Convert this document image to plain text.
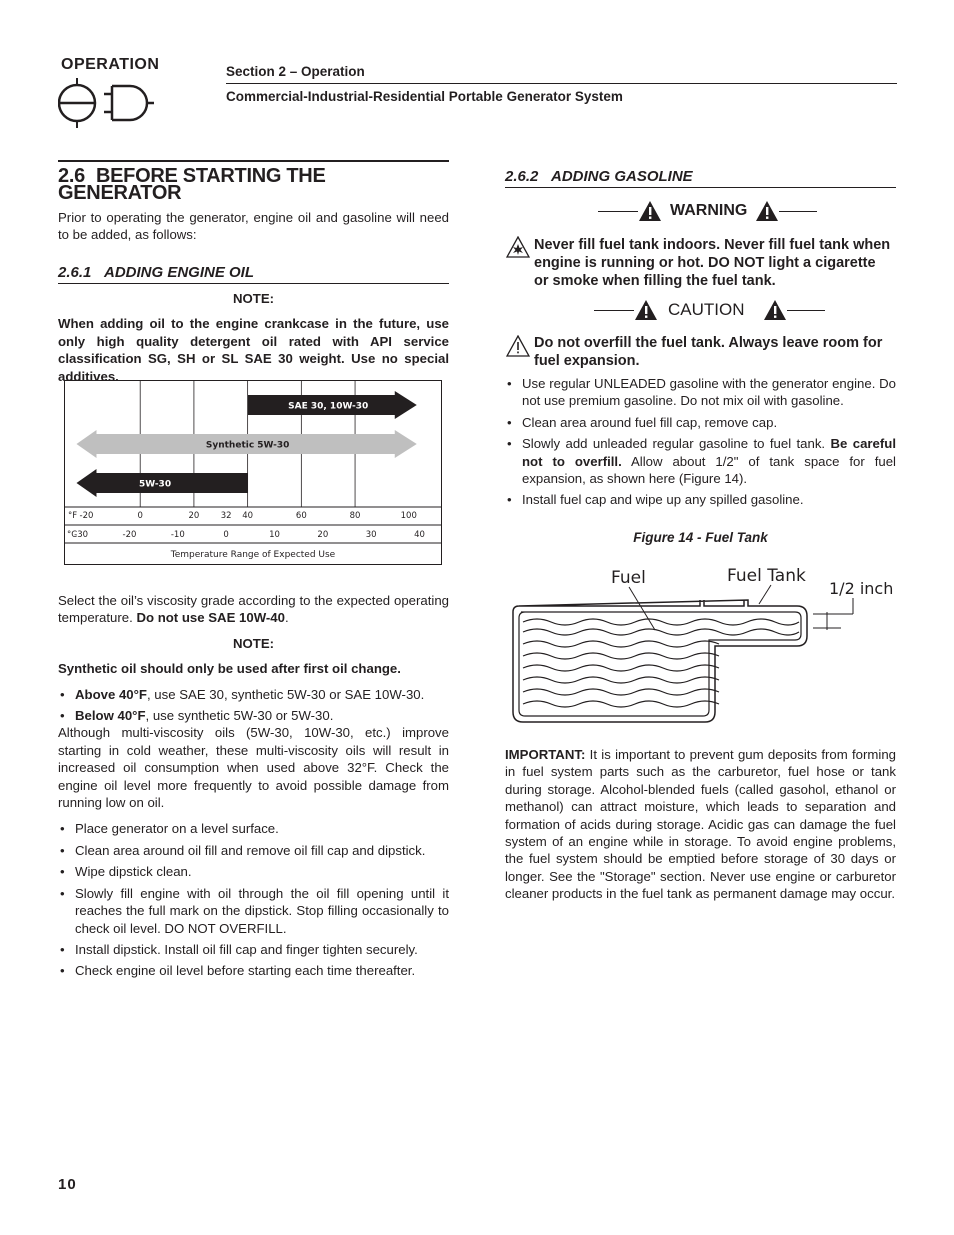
OPERATION	Section 2 – Operation
Commercial-Industrial-Residential Portable Generator System
2.6 BEFORE STARTING THE GENERATOR

Prior to operating the generator, engine oil and gasoline will need to be added, as follows:

2.6.1 ADDING ENGINE OIL

NOTE:

When adding oil to the engine crankcase in the future, use only high quality detergent oil rated with API service classification SG, SH or SL SAE 30 weight. Use no special additives.

SAE 30, 10W-30
Synthetic 5W-30
5W-30
°F -20	0	20	32 40	60	80	100
°C
-30	-20	-10	0	10	20	30	40
Temperature Range of Expected Use

Select the oil’s viscosity grade according to the expected operating temperature. Do not use SAE 10W-40.

NOTE:

Synthetic oil should only be used after first oil change.

• Above 40°F, use SAE 30, synthetic 5W-30 or SAE 10W-30.
• Below 40°F, use synthetic 5W-30 or 5W-30.

Although multi-viscosity oils (5W-30, 10W-30, etc.) improve starting in cold weather, these multi-viscosity oils will result in increased oil consumption when used above 32°F. Check the engine oil level more frequently to avoid possible damage from running low on oil.

• Place generator on a level surface.
• Clean area around oil fill and remove oil fill cap and dipstick.
• Wipe dipstick clean.
• Slowly fill engine with oil through the oil fill opening until it reaches the full mark on the dipstick. Stop filling occasionally to check oil level. DO NOT OVERFILL.
• Install dipstick. Install oil fill cap and finger tighten securely.
• Check engine oil level before starting each time thereafter.
2.6.2 ADDING GASOLINE
WARNING
Never fill fuel tank indoors. Never fill fuel tank when engine is running or hot. DO NOT light a cigarette or smoke when filling the fuel tank.
CAUTION
Do not overfill the fuel tank. Always leave room for fuel expansion.
• Use regular UNLEADED gasoline with the generator engine. Do not use premium gasoline. Do not mix oil with gasoline.
• Clean area around fuel fill cap, remove cap.
• Slowly add unleaded regular gasoline to fuel tank. Be careful not to overfill. Allow about 1/2" of tank space for fuel expansion, as shown here (Figure 14).
• Install fuel cap and wipe up any spilled gasoline.

Figure 14 - Fuel Tank

Fuel	Fuel Tank
1/2 inch

IMPORTANT: It is important to prevent gum deposits from forming in fuel system parts such as the carburetor, fuel hose or tank during storage. Alcohol-blended fuels (called gasohol, ethanol or methanol) can attract moisture, which leads to separation and formation of acids during storage. Acidic gas can damage the fuel system of an engine while in storage. To avoid engine problems, the fuel system should be emptied before storage of 30 days or longer. See the "Storage" section. Never use engine or carburetor cleaner products in the fuel tank as permanent damage may occur.

10
